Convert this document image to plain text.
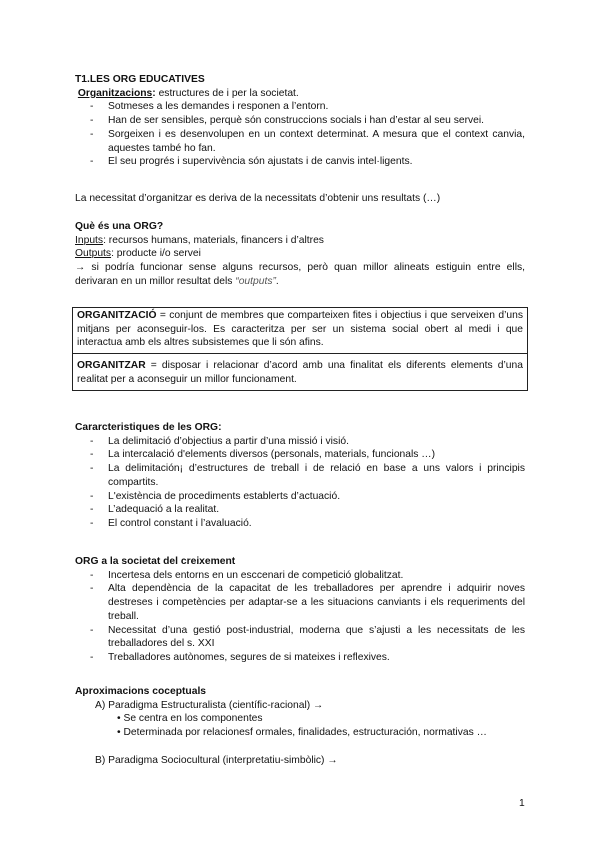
T1.LES ORG EDUCATIVES
Organitzacions: estructures de i per la societat.
- Sotmeses a les demandes i responen a l’entorn.
- Han de ser sensibles, perquè són construccions socials i han d’estar al seu servei.
- Sorgeixen i es desenvolupen en un context determinat. A mesura que el context canvia, aquestes també ho fan.
- El seu progrés i supervivència són ajustats i de canvis intel·ligents.
La necessitat d’organitzar es deriva de la necessitats d’obtenir uns resultats (…)
Què és una ORG?
Inputs: recursos humans, materials, financers i d’altres
Outputs: producte i/o servei
→ si podría funcionar sense alguns recursos, però quan millor alineats estiguin entre ells, derivaran en un millor resultat dels “outputs”.
ORGANITZACIÓ = conjunt de membres que comparteixen fites i objectius i que serveixen d’uns mitjans per aconseguir-los. Es caracteritza per ser un sistema social obert al medi i que interactua amb els altres subsistemes que li són afins.
ORGANITZAR = disposar i relacionar d’acord amb una finalitat els diferents elements d’una realitat per a aconseguir un millor funcionament.
Cararcteristiques de les ORG:
- La delimitació d’objectius a partir d’una missió i visió.
- La intercalació d'elements diversos (personals, materials, funcionals …)
- La delimitación¡ d’estructures de treball i de relació en base a uns valors i principis compartits.
- L'existència de procediments establerts d’actuació.
- L’adequació a la realitat.
- El control constant i l’avaluació.
ORG a la societat del creixement
- Incertesa dels entorns en un esccenari de competició globalitzat.
- Alta dependència de la capacitat de les treballadores per aprendre i adquirir noves destreses i competències per adaptar-se a les situacions canviants i els requeriments del treball.
- Necessitat d’una gestió post-industrial, moderna que s’ajusti a les necessitats de les treballadores del s. XXI
- Treballadores autònomes, segures de si mateixes i reflexives.
Aproximacions coceptuals
A) Paradigma Estructuralista (científic-racional) →
• Se centra en los componentes
• Determinada por relacionesf ormales, finalidades, estructuración, normativas …
B) Paradigma Sociocultural (interpretatiu-simbòlic) →
1
